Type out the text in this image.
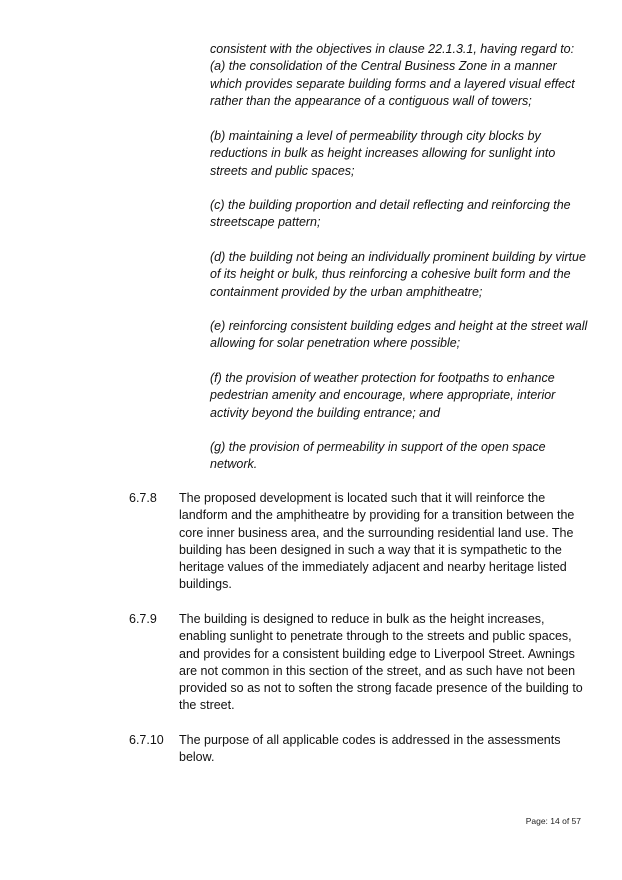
consistent with the objectives in clause 22.1.3.1, having regard to: (a) the consolidation of the Central Business Zone in a manner which provides separate building forms and a layered visual effect rather than the appearance of a contiguous wall of towers;

(b) maintaining a level of permeability through city blocks by reductions in bulk as height increases allowing for sunlight into streets and public spaces;

(c) the building proportion and detail reflecting and reinforcing the streetscape pattern;

(d) the building not being an individually prominent building by virtue of its height or bulk, thus reinforcing a cohesive built form and the containment provided by the urban amphitheatre;

(e) reinforcing consistent building edges and height at the street wall allowing for solar penetration where possible;

(f) the provision of weather protection for footpaths to enhance pedestrian amenity and encourage, where appropriate, interior activity beyond the building entrance; and

(g) the provision of permeability in support of the open space network.

6.7.8	The proposed development is located such that it will reinforce the landform and the amphitheatre by providing for a transition between the core inner business area, and the surrounding residential land use. The building has been designed in such a way that it is sympathetic to the heritage values of the immediately adjacent and nearby heritage listed buildings.
6.7.9	The building is designed to reduce in bulk as the height increases, enabling sunlight to penetrate through to the streets and public spaces, and provides for a consistent building edge to Liverpool Street. Awnings are not common in this section of the street, and as such have not been provided so as not to soften the strong facade presence of the building to the street.
6.7.10	The purpose of all applicable codes is addressed in the assessments below.
Page: 14 of 57
